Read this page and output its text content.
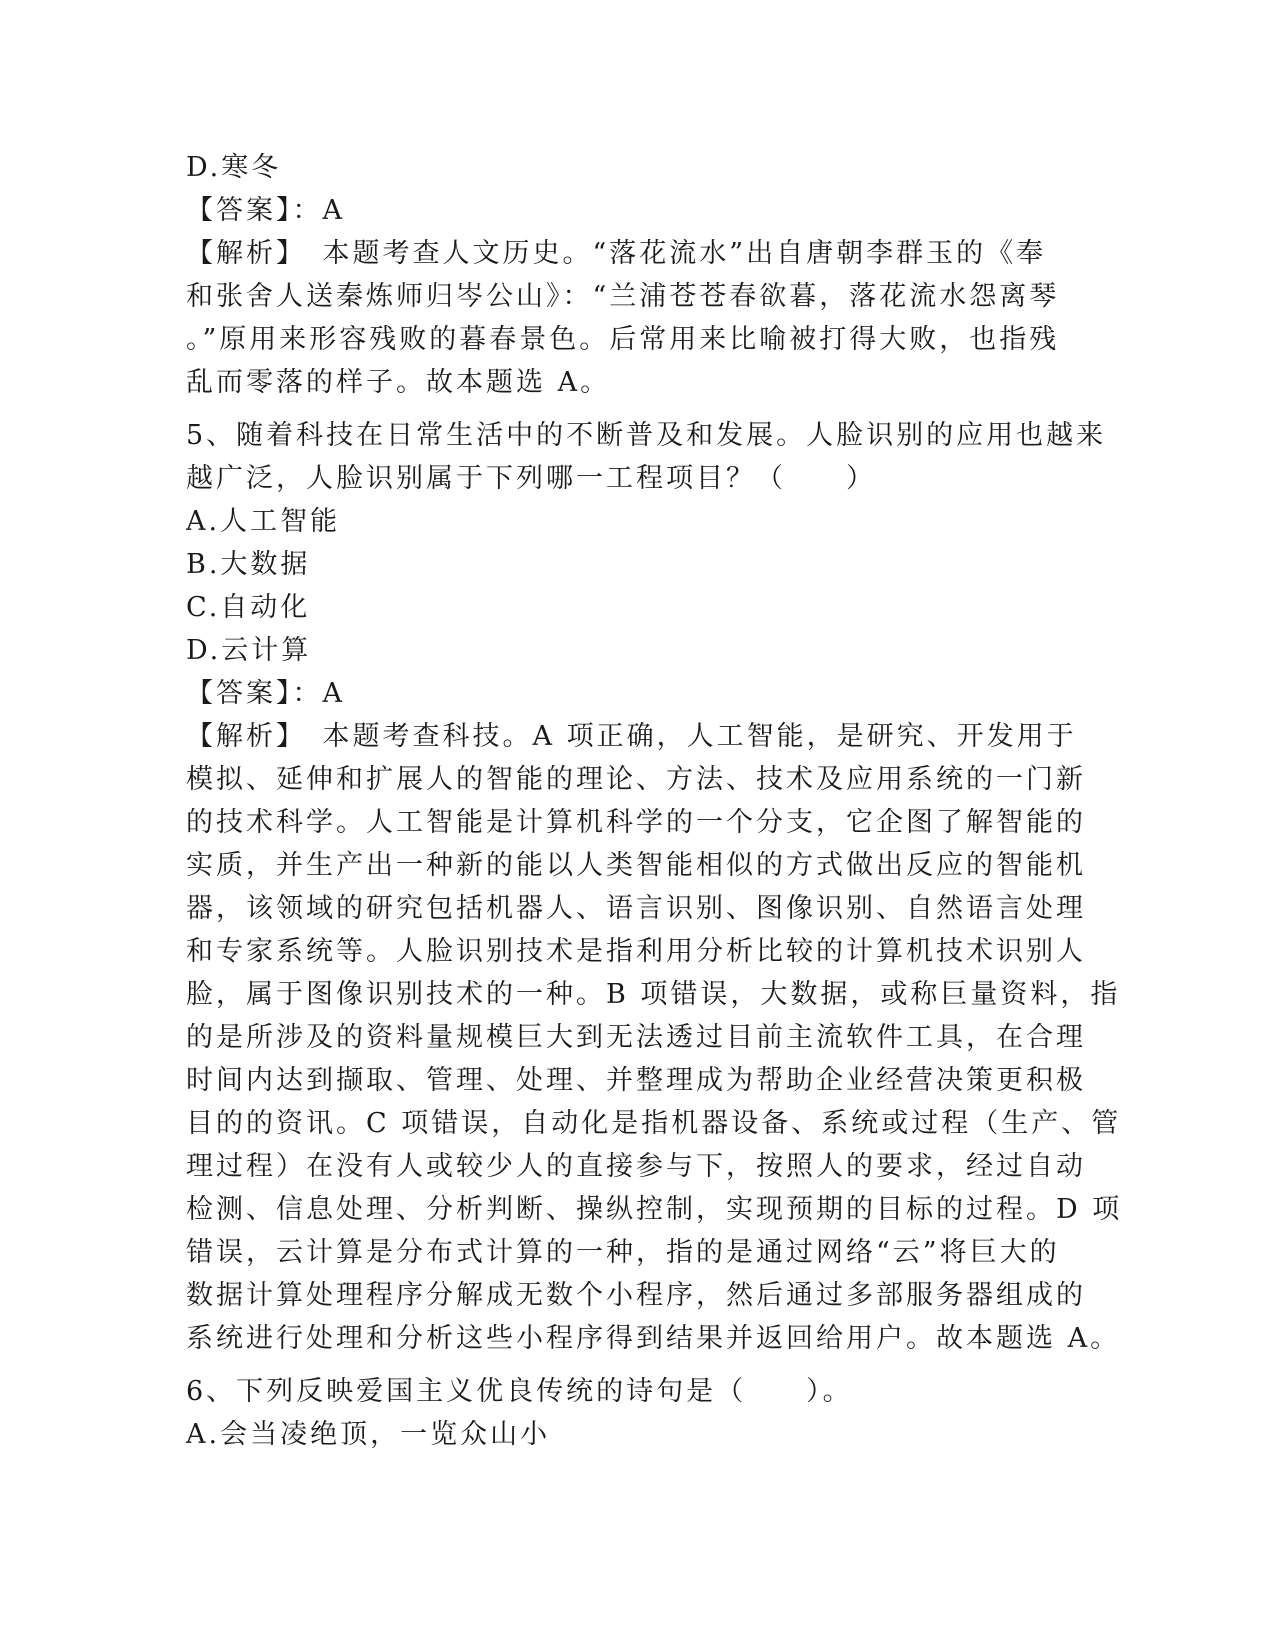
D.寒冬

【答案】：A

【解析】　本题考查人文历史。“落花流水”出自唐朝李群玉的《奉

和张舍人送秦炼师归岑公山》：“兰浦苍苍春欲暮，落花流水怨离琴

。”原用来形容残败的暮春景色。后常用来比喻被打得大败，也指残

乱而零落的样子。故本题选 A。

5、随着科技在日常生活中的不断普及和发展。人脸识别的应用也越来

越广泛，人脸识别属于下列哪一工程项目？（　　）

A.人工智能

B.大数据

C.自动化

D.云计算

【答案】：A

【解析】　本题考查科技。A 项正确，人工智能，是研究、开发用于

模拟、延伸和扩展人的智能的理论、方法、技术及应用系统的一门新

的技术科学。人工智能是计算机科学的一个分支，它企图了解智能的

实质，并生产出一种新的能以人类智能相似的方式做出反应的智能机

器，该领域的研究包括机器人、语言识别、图像识别、自然语言处理

和专家系统等。人脸识别技术是指利用分析比较的计算机技术识别人

脸，属于图像识别技术的一种。B 项错误，大数据，或称巨量资料，指

的是所涉及的资料量规模巨大到无法透过目前主流软件工具，在合理

时间内达到撷取、管理、处理、并整理成为帮助企业经营决策更积极

目的的资讯。C 项错误，自动化是指机器设备、系统或过程（生产、管

理过程）在没有人或较少人的直接参与下，按照人的要求，经过自动

检测、信息处理、分析判断、操纵控制，实现预期的目标的过程。D 项

错误，云计算是分布式计算的一种，指的是通过网络“云”将巨大的

数据计算处理程序分解成无数个小程序，然后通过多部服务器组成的

系统进行处理和分析这些小程序得到结果并返回给用户。故本题选 A。

6、下列反映爱国主义优良传统的诗句是（　　）。

A.会当凌绝顶，一览众山小
